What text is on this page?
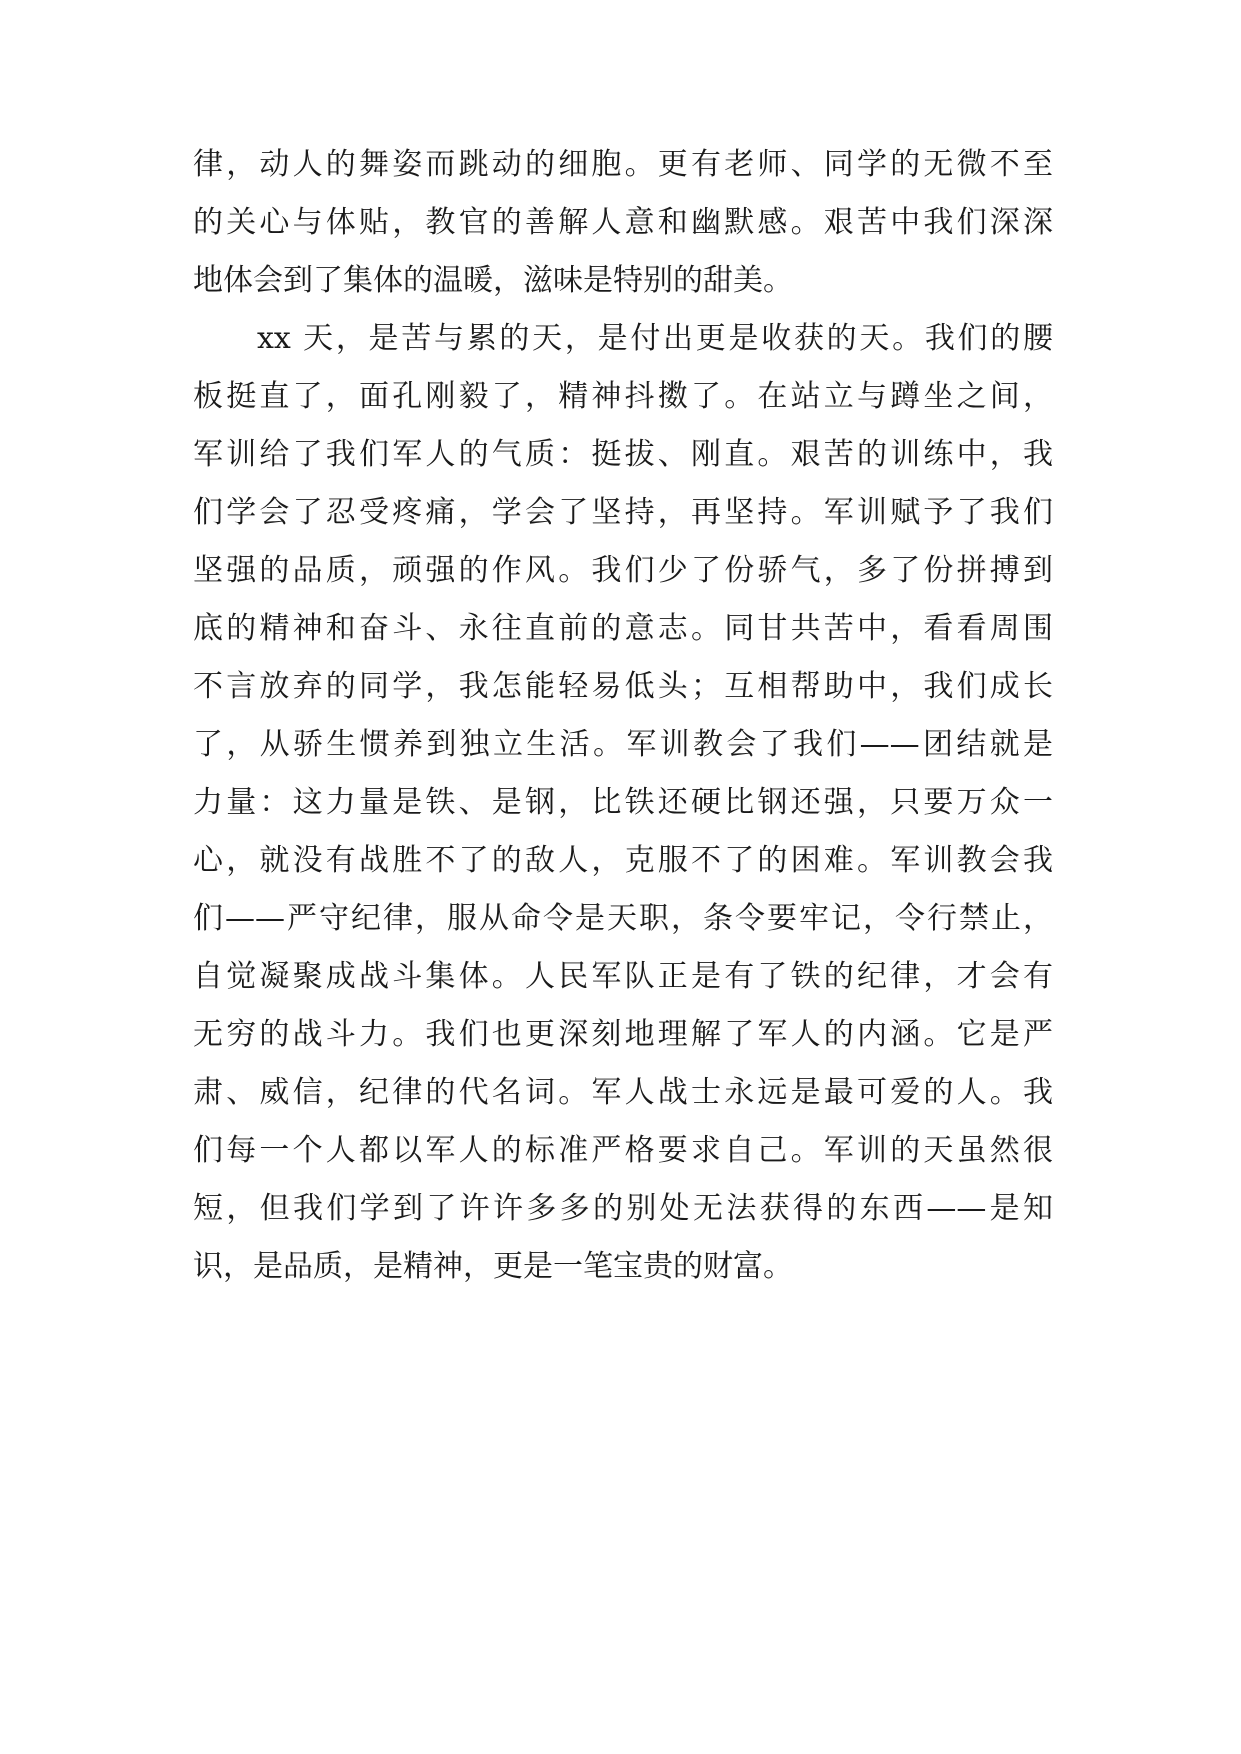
律，动人的舞姿而跳动的细胞。更有老师、同学的无微不至
的关心与体贴，教官的善解人意和幽默感。艰苦中我们深深
地体会到了集体的温暖，滋味是特别的甜美。
xx 天，是苦与累的天，是付出更是收获的天。我们的腰
板挺直了，面孔刚毅了，精神抖擞了。在站立与蹲坐之间，
军训给了我们军人的气质：挺拔、刚直。艰苦的训练中，我
们学会了忍受疼痛，学会了坚持，再坚持。军训赋予了我们
坚强的品质，顽强的作风。我们少了份骄气，多了份拼搏到
底的精神和奋斗、永往直前的意志。同甘共苦中，看看周围
不言放弃的同学，我怎能轻易低头；互相帮助中，我们成长
了，从骄生惯养到独立生活。军训教会了我们——团结就是
力量：这力量是铁、是钢，比铁还硬比钢还强，只要万众一
心，就没有战胜不了的敌人，克服不了的困难。军训教会我
们——严守纪律，服从命令是天职，条令要牢记，令行禁止，
自觉凝聚成战斗集体。人民军队正是有了铁的纪律，才会有
无穷的战斗力。我们也更深刻地理解了军人的内涵。它是严
肃、威信，纪律的代名词。军人战士永远是最可爱的人。我
们每一个人都以军人的标准严格要求自己。军训的天虽然很
短，但我们学到了许许多多的别处无法获得的东西——是知
识，是品质，是精神，更是一笔宝贵的财富。
